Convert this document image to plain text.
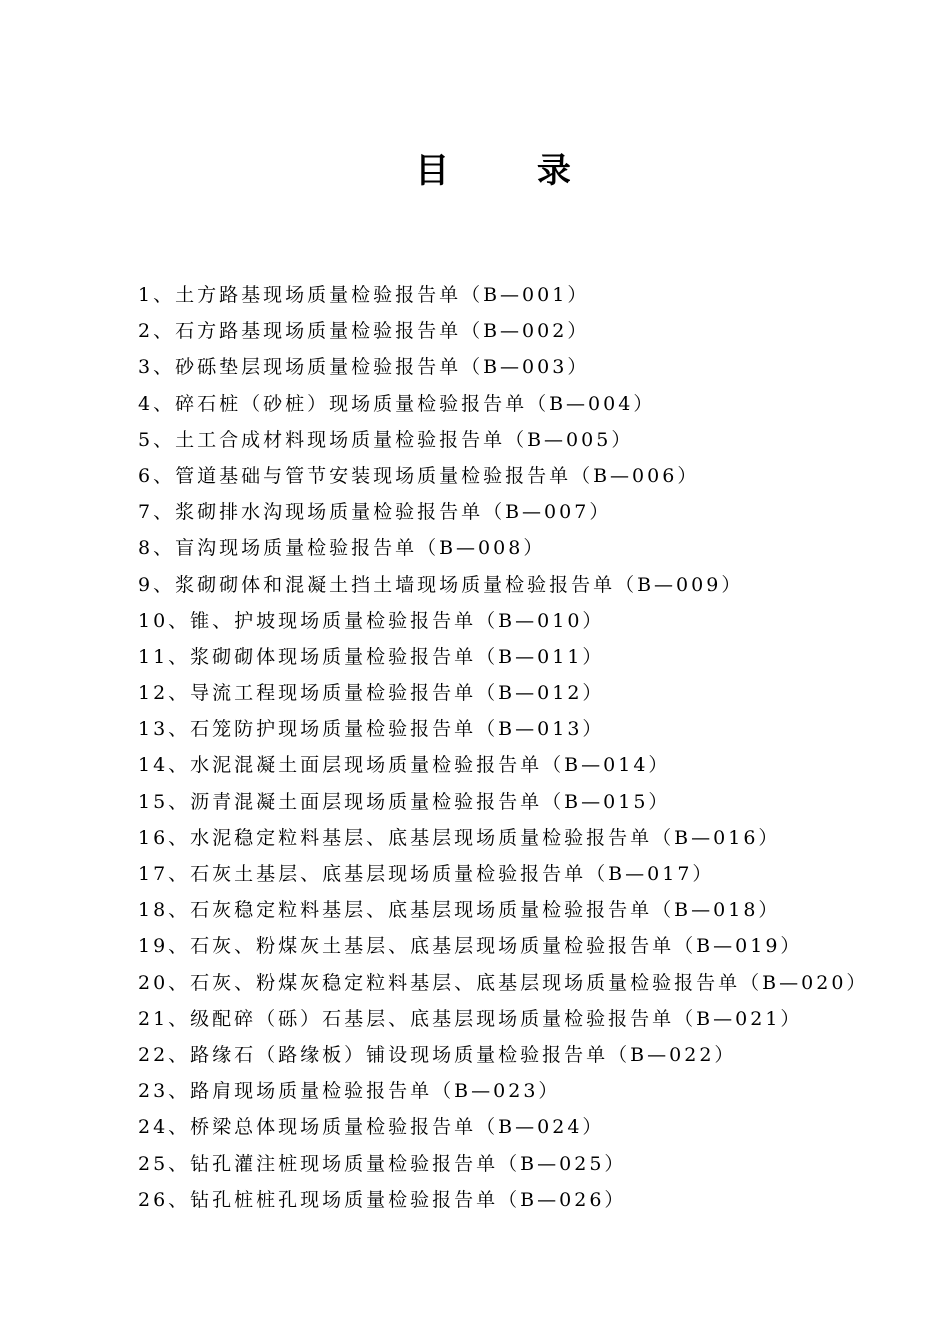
目 录
1、土方路基现场质量检验报告单（B—001）
2、石方路基现场质量检验报告单（B—002）
3、砂砾垫层现场质量检验报告单（B—003）
4、碎石桩（砂桩）现场质量检验报告单（B—004）
5、土工合成材料现场质量检验报告单（B—005）
6、管道基础与管节安装现场质量检验报告单（B—006）
7、浆砌排水沟现场质量检验报告单（B—007）
8、盲沟现场质量检验报告单（B—008）
9、浆砌砌体和混凝土挡土墙现场质量检验报告单（B—009）
10、锥、护坡现场质量检验报告单（B—010）
11、浆砌砌体现场质量检验报告单（B—011）
12、导流工程现场质量检验报告单（B—012）
13、石笼防护现场质量检验报告单（B—013）
14、水泥混凝土面层现场质量检验报告单（B—014）
15、沥青混凝土面层现场质量检验报告单（B—015）
16、水泥稳定粒料基层、底基层现场质量检验报告单（B—016）
17、石灰土基层、底基层现场质量检验报告单（B—017）
18、石灰稳定粒料基层、底基层现场质量检验报告单（B—018）
19、石灰、粉煤灰土基层、底基层现场质量检验报告单（B—019）
20、石灰、粉煤灰稳定粒料基层、底基层现场质量检验报告单（B—020）
21、级配碎（砾）石基层、底基层现场质量检验报告单（B—021）
22、路缘石（路缘板）铺设现场质量检验报告单（B—022）
23、路肩现场质量检验报告单（B—023）
24、桥梁总体现场质量检验报告单（B—024）
25、钻孔灌注桩现场质量检验报告单（B—025）
26、钻孔桩桩孔现场质量检验报告单（B—026）
